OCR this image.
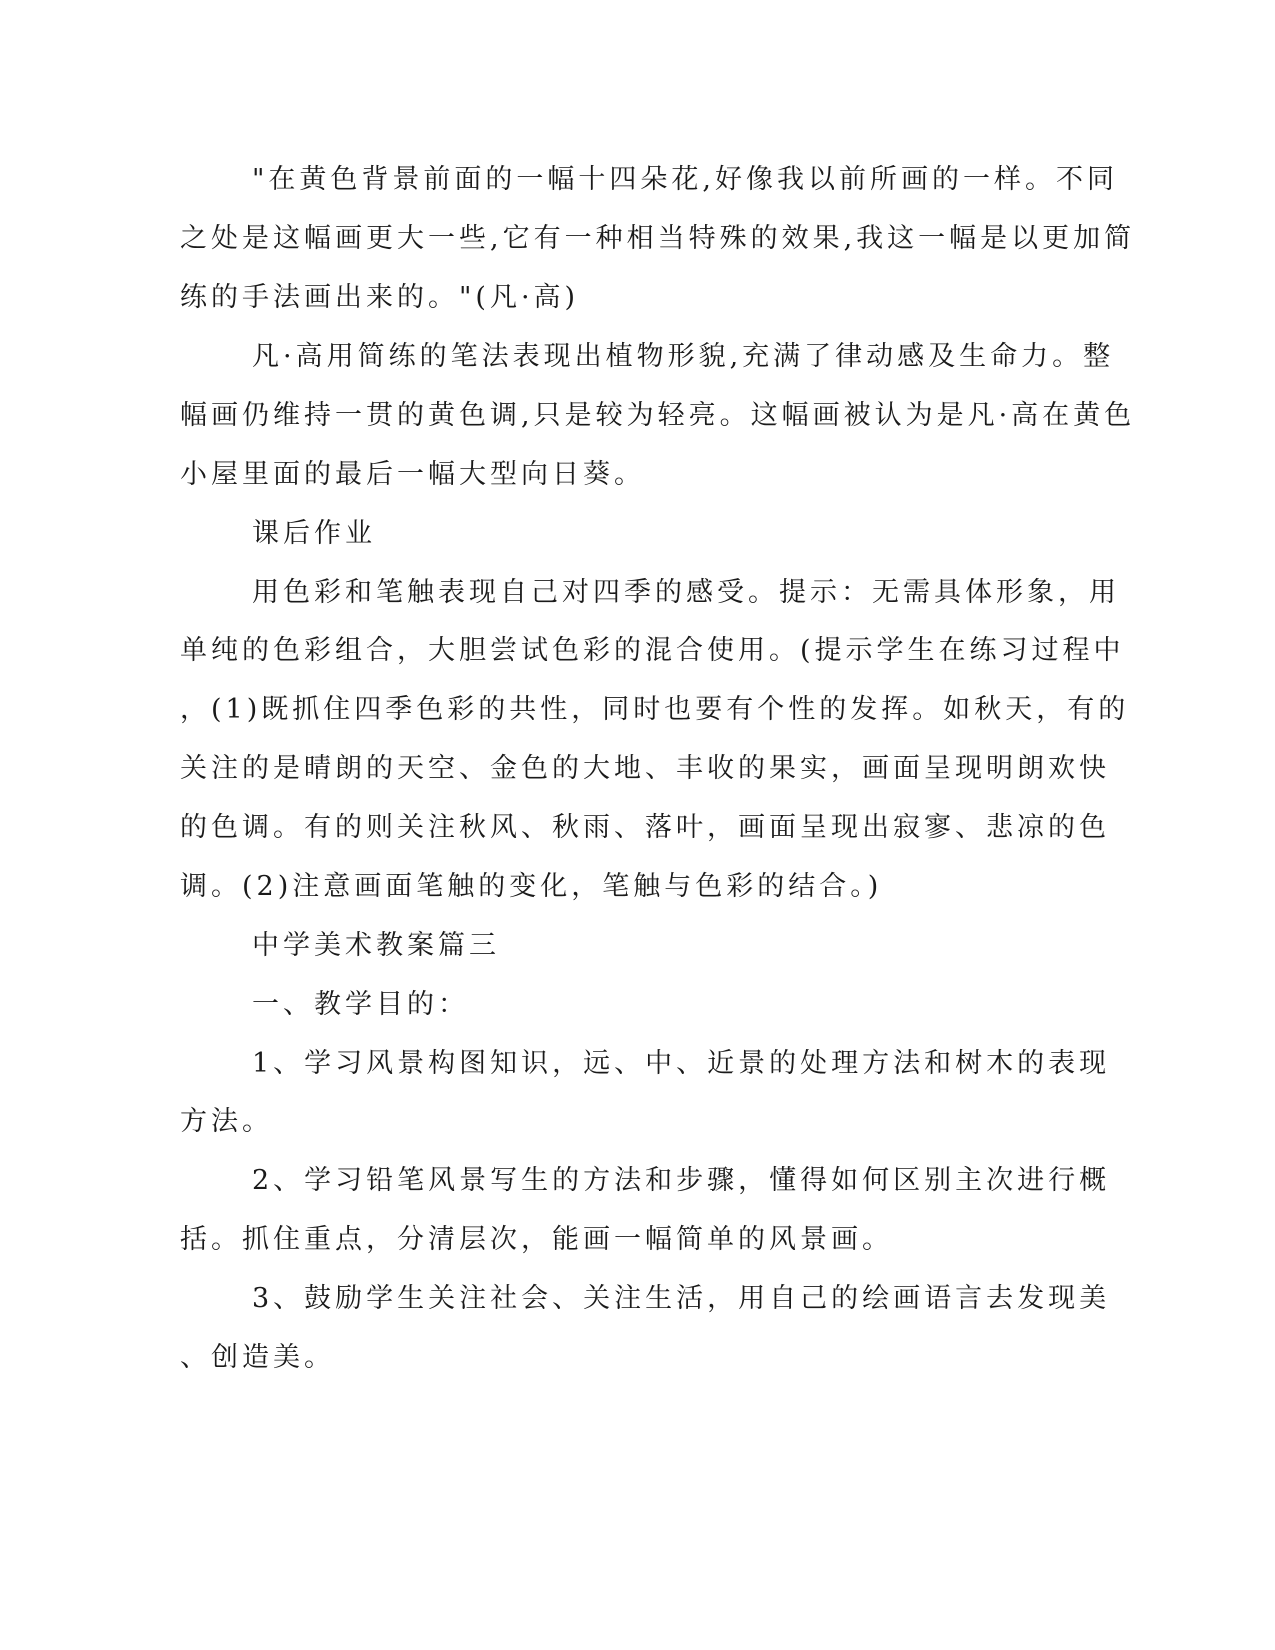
"在黄色背景前面的一幅十四朵花,好像我以前所画的一样。不同
之处是这幅画更大一些,它有一种相当特殊的效果,我这一幅是以更加简
练的手法画出来的。"(凡·高)
凡·高用简练的笔法表现出植物形貌,充满了律动感及生命力。整
幅画仍维持一贯的黄色调,只是较为轻亮。这幅画被认为是凡·高在黄色
小屋里面的最后一幅大型向日葵。
课后作业
用色彩和笔触表现自己对四季的感受。提示：无需具体形象，用
单纯的色彩组合，大胆尝试色彩的混合使用。(提示学生在练习过程中
，(1)既抓住四季色彩的共性，同时也要有个性的发挥。如秋天，有的
关注的是晴朗的天空、金色的大地、丰收的果实，画面呈现明朗欢快
的色调。有的则关注秋风、秋雨、落叶，画面呈现出寂寥、悲凉的色
调。(2)注意画面笔触的变化，笔触与色彩的结合。)
中学美术教案篇三
一、教学目的：
1、学习风景构图知识，远、中、近景的处理方法和树木的表现
方法。
2、学习铅笔风景写生的方法和步骤，懂得如何区别主次进行概
括。抓住重点，分清层次，能画一幅简单的风景画。
3、鼓励学生关注社会、关注生活，用自己的绘画语言去发现美
、创造美。
